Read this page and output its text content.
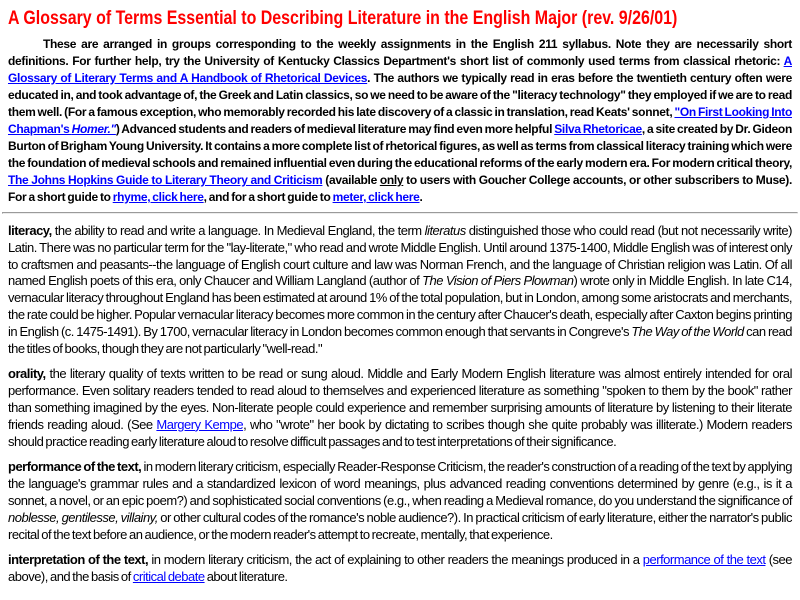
A Glossary of Terms Essential to Describing Literature in the English Major (rev. 9/26/01)

These are arranged in groups corresponding to the weekly assignments in the English 211 syllabus. Note they are necessarily short definitions. For further help, try the University of Kentucky Classics Department's short list of commonly used terms from classical rhetoric: A Glossary of Literary Terms and A Handbook of Rhetorical Devices. The authors we typically read in eras before the twentieth century often were educated in, and took advantage of, the Greek and Latin classics, so we need to be aware of the "literacy technology" they employed if we are to read them well. (For a famous exception, who memorably recorded his late discovery of a classic in translation, read Keats' sonnet, "On First Looking Into Chapman's Homer.") Advanced students and readers of medieval literature may find even more helpful Silva Rhetoricae, a site created by Dr. Gideon Burton of Brigham Young University. It contains a more complete list of rhetorical figures, as well as terms from classical literacy training which were the foundation of medieval schools and remained influential even during the educational reforms of the early modern era. For modern critical theory, The Johns Hopkins Guide to Literary Theory and Criticism (available only to users with Goucher College accounts, or other subscribers to Muse). For a short guide to rhyme, click here, and for a short guide to meter, click here.

literacy, the ability to read and write a language. In Medieval England, the term literatus distinguished those who could read (but not necessarily write) Latin. There was no particular term for the "lay-literate," who read and wrote Middle English. Until around 1375-1400, Middle English was of interest only to craftsmen and peasants--the language of English court culture and law was Norman French, and the language of Christian religion was Latin. Of all named English poets of this era, only Chaucer and William Langland (author of The Vision of Piers Plowman) wrote only in Middle English. In late C14, vernacular literacy throughout England has been estimated at around 1% of the total population, but in London, among some aristocrats and merchants, the rate could be higher. Popular vernacular literacy becomes more common in the century after Chaucer's death, especially after Caxton begins printing in English (c. 1475-1491). By 1700, vernacular literacy in London becomes common enough that servants in Congreve's The Way of the World can read the titles of books, though they are not particularly "well-read."

orality, the literary quality of texts written to be read or sung aloud. Middle and Early Modern English literature was almost entirely intended for oral performance. Even solitary readers tended to read aloud to themselves and experienced literature as something "spoken to them by the book" rather than something imagined by the eyes. Non-literate people could experience and remember surprising amounts of literature by listening to their literate friends reading aloud. (See Margery Kempe, who "wrote" her book by dictating to scribes though she quite probably was illiterate.) Modern readers should practice reading early literature aloud to resolve difficult passages and to test interpretations of their significance.

performance of the text, in modern literary criticism, especially Reader-Response Criticism, the reader's construction of a reading of the text by applying the language's grammar rules and a standardized lexicon of word meanings, plus advanced reading conventions determined by genre (e.g., is it a sonnet, a novel, or an epic poem?) and sophisticated social conventions (e.g., when reading a Medieval romance, do you understand the significance of noblesse, gentilesse, villainy, or other cultural codes of the romance's noble audience?). In practical criticism of early literature, either the narrator's public recital of the text before an audience, or the modern reader's attempt to recreate, mentally, that experience.

interpretation of the text, in modern literary criticism, the act of explaining to other readers the meanings produced in a performance of the text (see above), and the basis of critical debate about literature.
